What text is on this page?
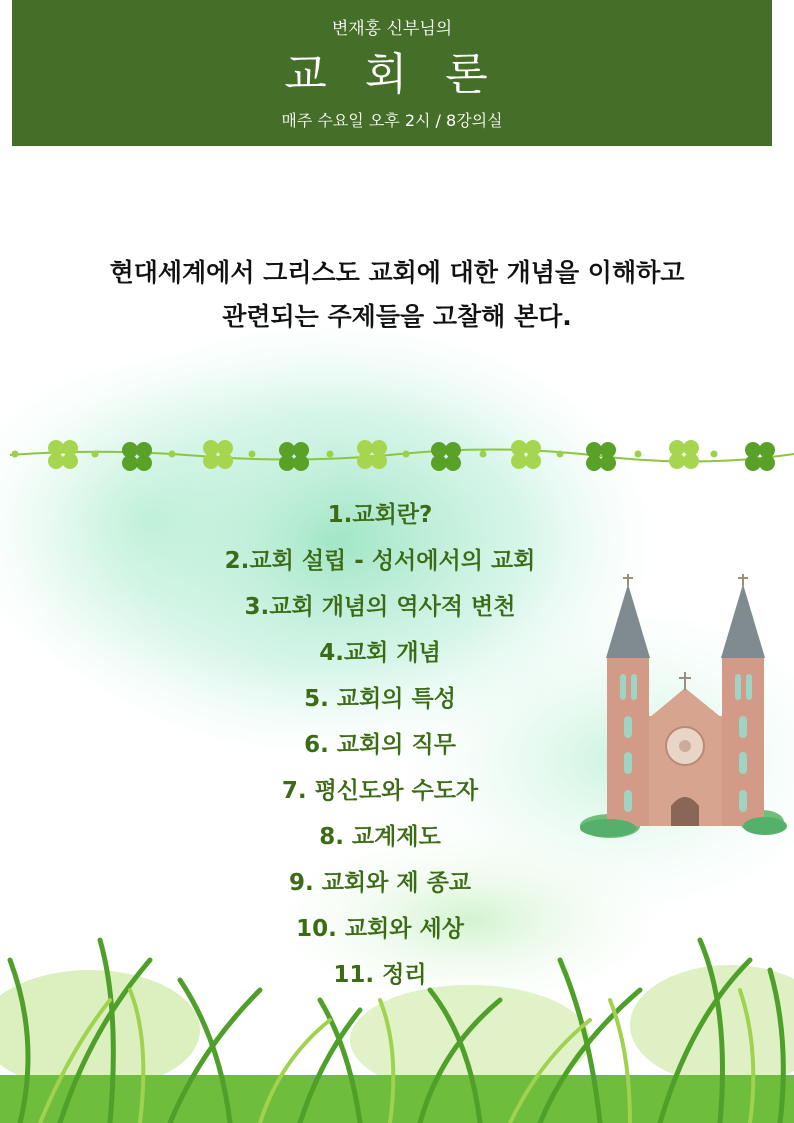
변재홍 신부님의
교 회 론
매주 수요일 오후 2시 / 8강의실
현대세계에서 그리스도 교회에 대한 개념을 이해하고
관련되는 주제들을 고찰해 본다.
1.교회란?
2.교회 설립 - 성서에서의 교회
3.교회 개념의 역사적 변천
4.교회 개념
5. 교회의 특성
6. 교회의 직무
7. 평신도와 수도자
8. 교계제도
9. 교회와 제 종교
10. 교회와 세상
11. 정리
